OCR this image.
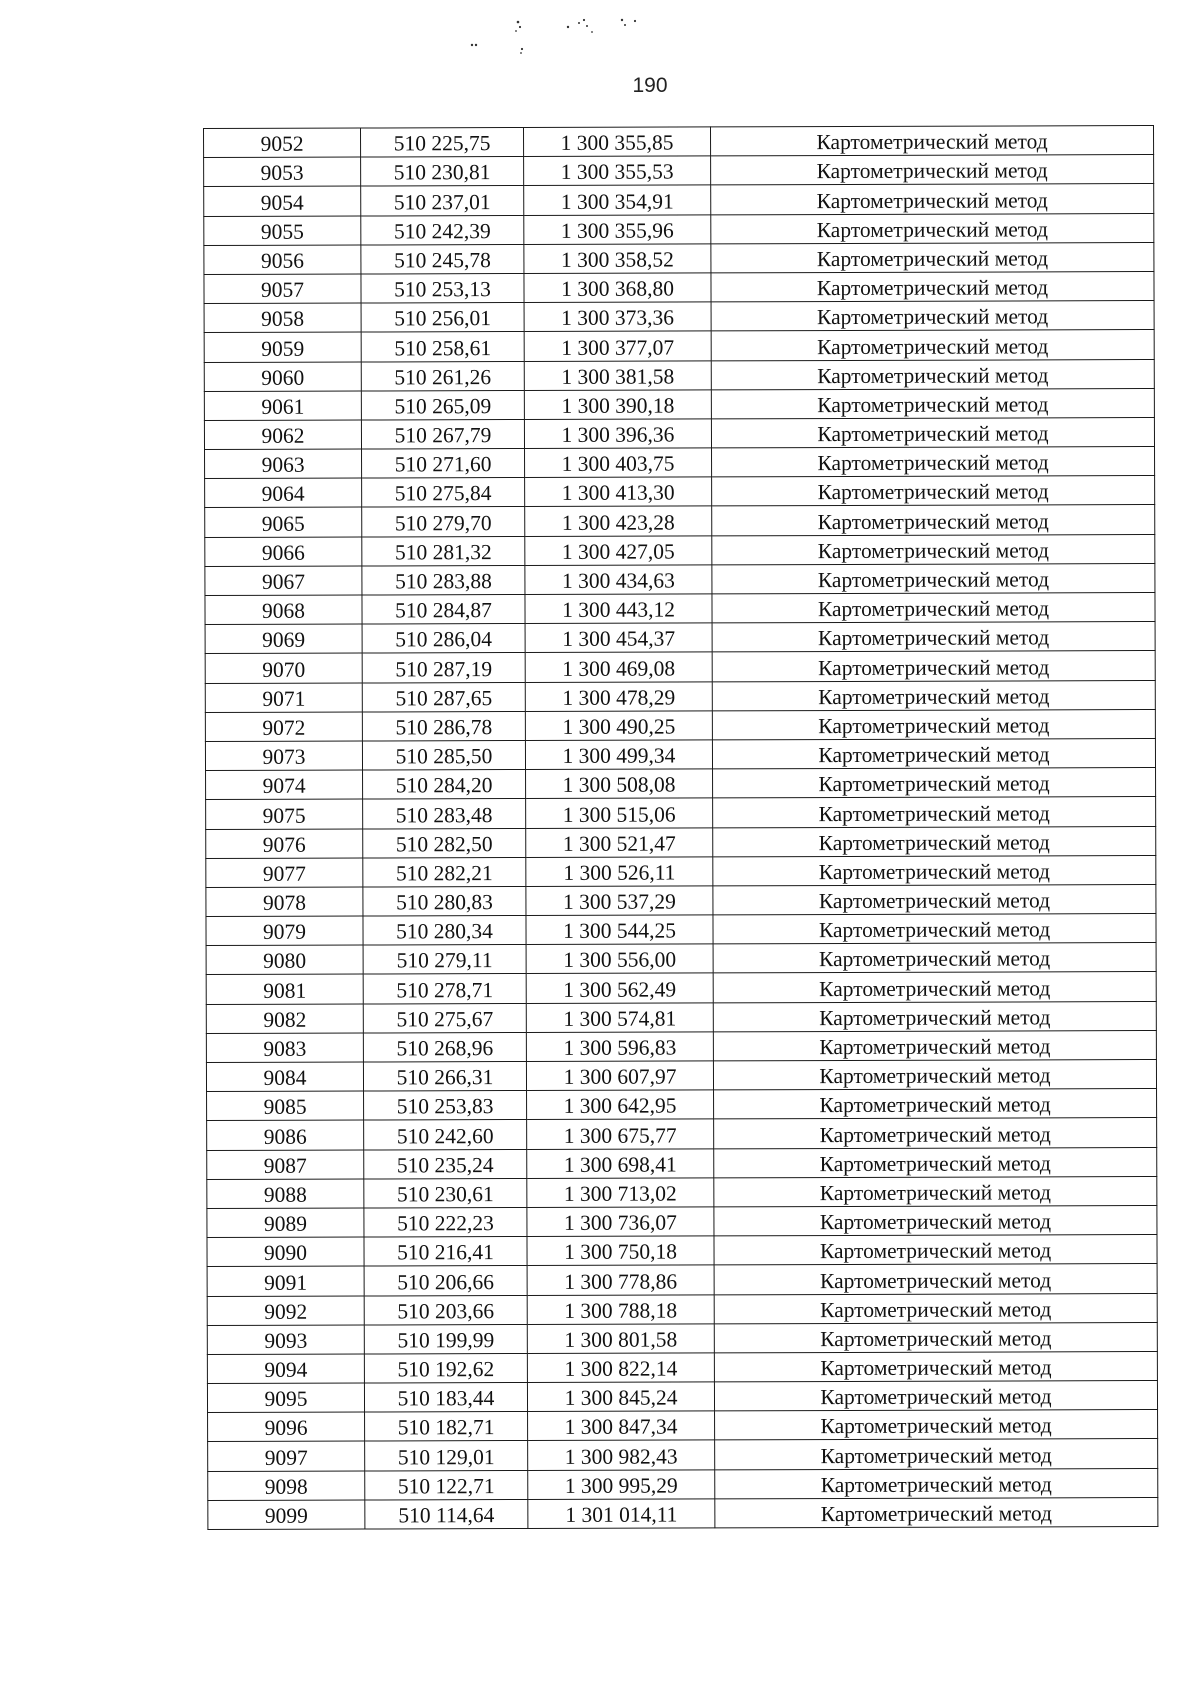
190
9052	510 225,75	1 300 355,85	Картометрический метод
9053	510 230,81	1 300 355,53	Картометрический метод
9054	510 237,01	1 300 354,91	Картометрический метод
9055	510 242,39	1 300 355,96	Картометрический метод
9056	510 245,78	1 300 358,52	Картометрический метод
9057	510 253,13	1 300 368,80	Картометрический метод
9058	510 256,01	1 300 373,36	Картометрический метод
9059	510 258,61	1 300 377,07	Картометрический метод
9060	510 261,26	1 300 381,58	Картометрический метод
9061	510 265,09	1 300 390,18	Картометрический метод
9062	510 267,79	1 300 396,36	Картометрический метод
9063	510 271,60	1 300 403,75	Картометрический метод
9064	510 275,84	1 300 413,30	Картометрический метод
9065	510 279,70	1 300 423,28	Картометрический метод
9066	510 281,32	1 300 427,05	Картометрический метод
9067	510 283,88	1 300 434,63	Картометрический метод
9068	510 284,87	1 300 443,12	Картометрический метод
9069	510 286,04	1 300 454,37	Картометрический метод
9070	510 287,19	1 300 469,08	Картометрический метод
9071	510 287,65	1 300 478,29	Картометрический метод
9072	510 286,78	1 300 490,25	Картометрический метод
9073	510 285,50	1 300 499,34	Картометрический метод
9074	510 284,20	1 300 508,08	Картометрический метод
9075	510 283,48	1 300 515,06	Картометрический метод
9076	510 282,50	1 300 521,47	Картометрический метод
9077	510 282,21	1 300 526,11	Картометрический метод
9078	510 280,83	1 300 537,29	Картометрический метод
9079	510 280,34	1 300 544,25	Картометрический метод
9080	510 279,11	1 300 556,00	Картометрический метод
9081	510 278,71	1 300 562,49	Картометрический метод
9082	510 275,67	1 300 574,81	Картометрический метод
9083	510 268,96	1 300 596,83	Картометрический метод
9084	510 266,31	1 300 607,97	Картометрический метод
9085	510 253,83	1 300 642,95	Картометрический метод
9086	510 242,60	1 300 675,77	Картометрический метод
9087	510 235,24	1 300 698,41	Картометрический метод
9088	510 230,61	1 300 713,02	Картометрический метод
9089	510 222,23	1 300 736,07	Картометрический метод
9090	510 216,41	1 300 750,18	Картометрический метод
9091	510 206,66	1 300 778,86	Картометрический метод
9092	510 203,66	1 300 788,18	Картометрический метод
9093	510 199,99	1 300 801,58	Картометрический метод
9094	510 192,62	1 300 822,14	Картометрический метод
9095	510 183,44	1 300 845,24	Картометрический метод
9096	510 182,71	1 300 847,34	Картометрический метод
9097	510 129,01	1 300 982,43	Картометрический метод
9098	510 122,71	1 300 995,29	Картометрический метод
9099	510 114,64	1 301 014,11	Картометрический метод
